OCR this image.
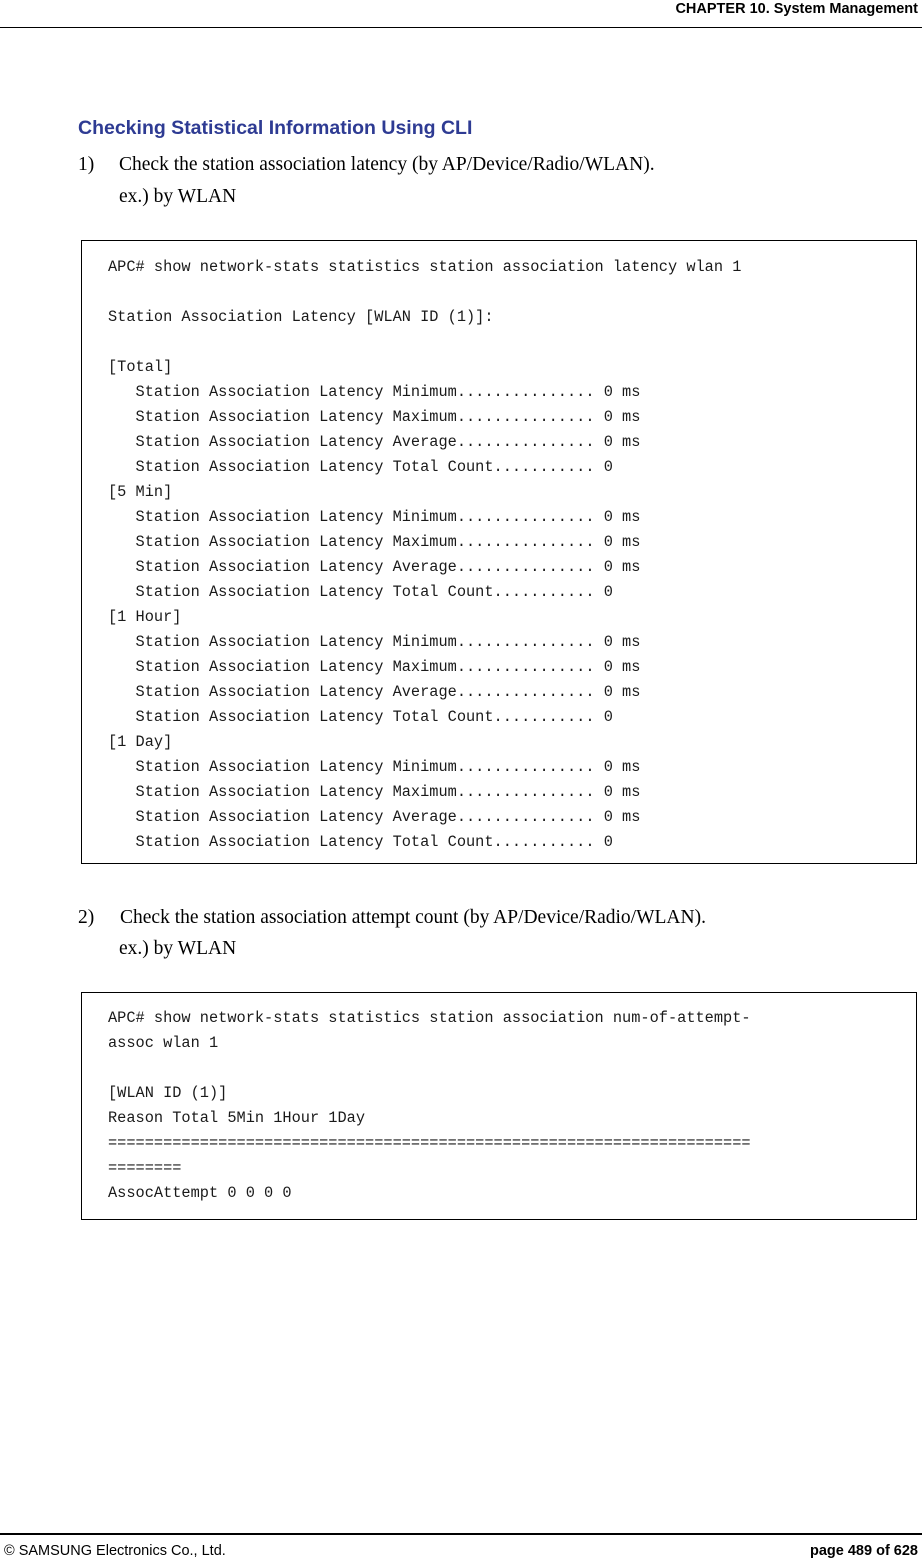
CHAPTER 10. System Management
Checking Statistical Information Using CLI
1) Check the station association latency (by AP/Device/Radio/WLAN).
ex.) by WLAN
APC# show network-stats statistics station association latency wlan 1
Station Association Latency [WLAN ID (1)]:
[Total]
Station Association Latency Minimum............... 0 ms
Station Association Latency Maximum............... 0 ms
Station Association Latency Average............... 0 ms
Station Association Latency Total Count........... 0
[5 Min]
Station Association Latency Minimum............... 0 ms
Station Association Latency Maximum............... 0 ms
Station Association Latency Average............... 0 ms
Station Association Latency Total Count........... 0
[1 Hour]
Station Association Latency Minimum............... 0 ms
Station Association Latency Maximum............... 0 ms
Station Association Latency Average............... 0 ms
Station Association Latency Total Count........... 0
[1 Day]
Station Association Latency Minimum............... 0 ms
Station Association Latency Maximum............... 0 ms
Station Association Latency Average............... 0 ms
Station Association Latency Total Count........... 0
2) Check the station association attempt count (by AP/Device/Radio/WLAN).
ex.) by WLAN
APC# show network-stats statistics station association num-of-attempt-
assoc wlan 1
[WLAN ID (1)]
Reason Total 5Min 1Hour 1Day
======================================================================
========
AssocAttempt 0 0 0 0
© SAMSUNG Electronics Co., Ltd.	page 489 of 628
